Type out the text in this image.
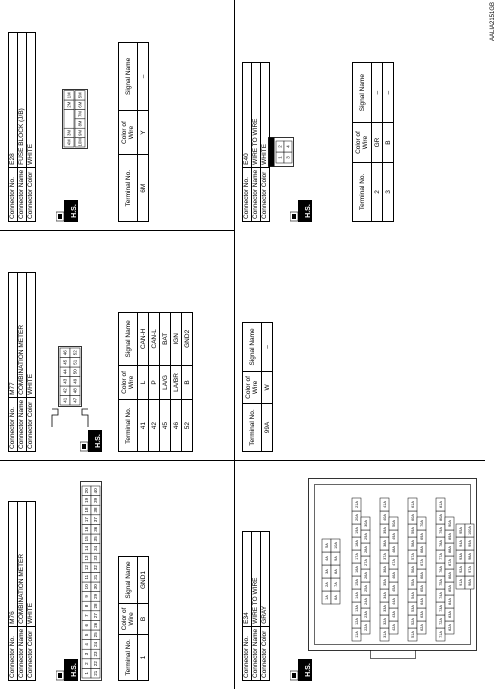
Connector No.	M76
Connector Name	COMBINATION METER
Connector Color	WHITE
H.S. 1
2
3
4
5
6
7
8
9
10
11
12
13
14
15
16
17
18
19
20
21
22
23
24
25
26
27
28
29
30
31
32
33
34
35
36
37
38
39
40
Terminal No.	Color of
Wire	Signal Name
1	B	GND1
Connector No.	M77
Connector Name	COMBINATION METER
Connector Color	WHITE
H.S.
41
42
43
44
45
46
47
48
49
50
51
52
Terminal No.	Color of
Wire	Signal Name
41	L	CAN-H
42	P	CAN-L
45	LA/G	BAT
46	LA/BR	IGN
52	B	GND2
Connector No.	E28
Connector Name	FUSE BLOCK (J/B)
Connector Color	WHITE
H.S.
4M
3M
2M
1M
10M
9M
8M
7M
6M
5M
Terminal No.	Color of
Wire	Signal Name
6M	Y	–
Connector No.	E34
Connector Name	WIRE TO WIRE
Connector Color	GRAY
H.S.
1A
2A
3A
4A
5A
6A
7A
8A
9A
10A
11A
12A
13A
14A
15A
16A
17A
18A
19A
20A
21A
22A
23A
24A
25A
26A
27A
28A
29A
30A
31A
32A
33A
34A
35A
36A
37A
38A
39A
40A
41A
42A
43A
44A
45A
46A
47A
48A
49A
50A
51A
52A
53A
54A
55A
56A
57A
58A
59A
60A
61A
62A
63A
64A
65A
66A
67A
68A
69A
70A
71A
72A
73A
74A
75A
76A
77A
78A
79A
80A
81A
82A
83A
84A
85A
86A
87A
88A
89A
90A
91A
92A
93A
94A
95A
96A
97A
98A
99A
100A
Terminal No.	Color of
Wire	Signal Name
99A	W	–
Connector No.	E40
Connector Name	WIRE TO WIRE
Connector Color	WHITE
H.S.
1
2
3
4
Terminal No.	Color of
Wire	Signal Name
2	GR	–
3	B	–
AALIA2151GB
